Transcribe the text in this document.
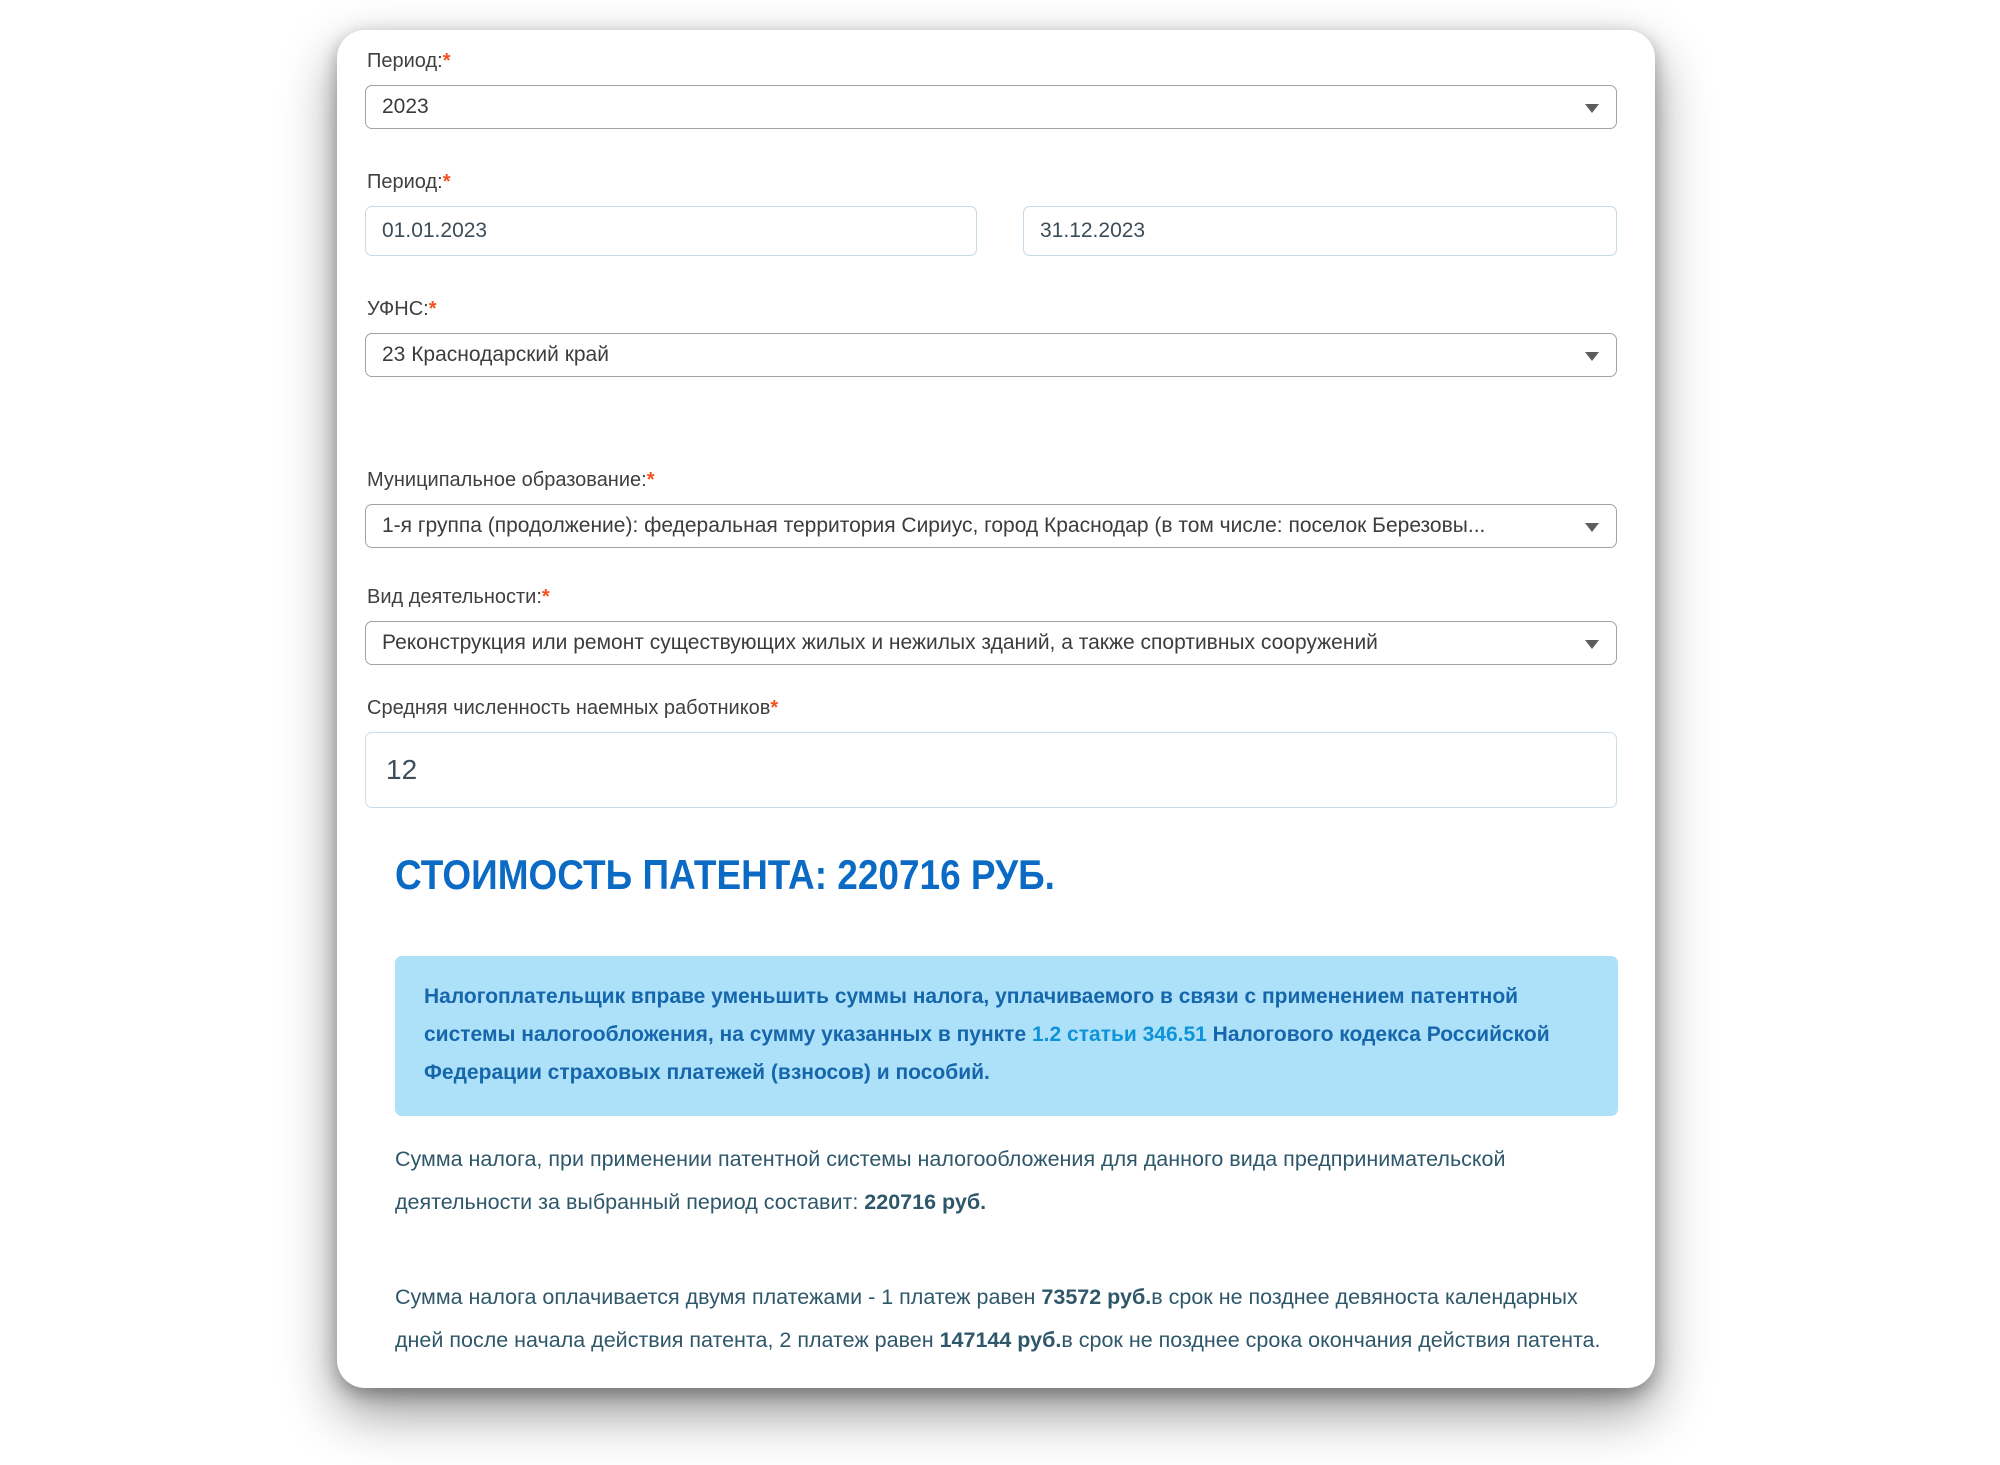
Период:*
2023
Период:*
01.01.2023	31.12.2023
УФНС:*
23 Краснодарский край
Муниципальное образование:*
1-я группа (продолжение): федеральная территория Сириус, город Краснодар (в том числе: поселок Березовы...
Вид деятельности:*
Реконструкция или ремонт существующих жилых и нежилых зданий, а также спортивных сооружений
Средняя численность наемных работников*
12
СТОИМОСТЬ ПАТЕНТА: 220716 РУБ.
Налогоплательщик вправе уменьшить суммы налога, уплачиваемого в связи с применением патентной системы налогообложения, на сумму указанных в пункте 1.2 статьи 346.51 Налогового кодекса Российской Федерации страховых платежей (взносов) и пособий.

Сумма налога, при применении патентной системы налогообложения для данного вида предпринимательской деятельности за выбранный период составит: 220716 руб.

Сумма налога оплачивается двумя платежами - 1 платеж равен 73572 руб.в срок не позднее девяноста календарных дней после начала действия патента, 2 платеж равен 147144 руб.в срок не позднее срока окончания действия патента.
